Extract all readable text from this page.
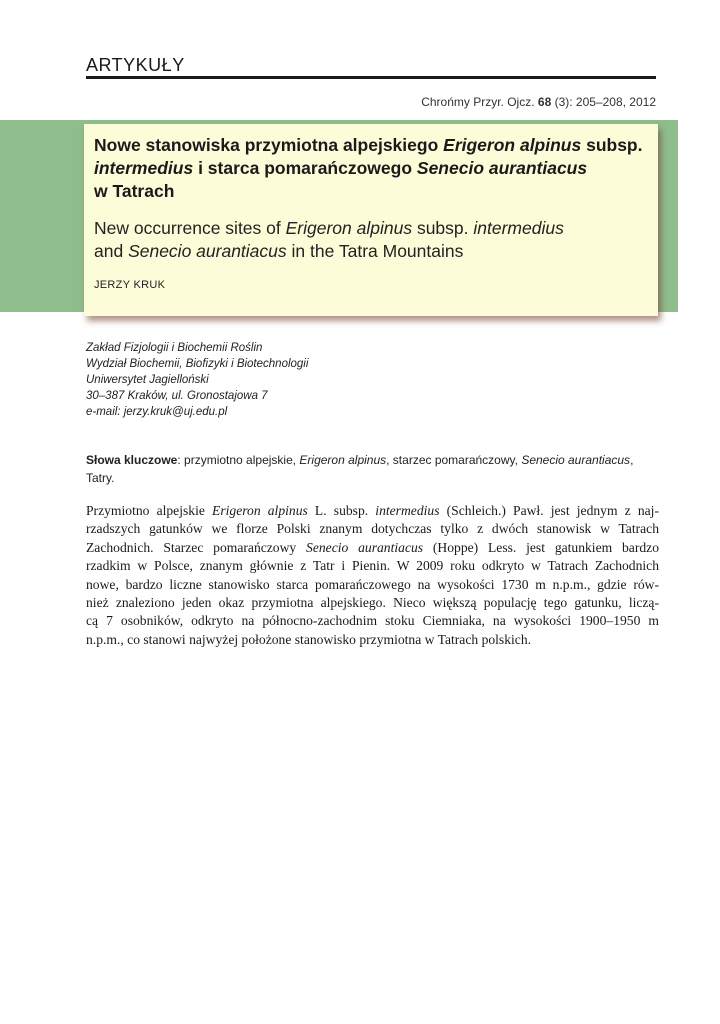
ARTYKUŁY
Chrońmy Przyr. Ojcz. 68 (3): 205–208, 2012

Nowe stanowiska przymiotna alpejskiego Erigeron alpinus subsp.
intermedius i starca pomarańczowego Senecio aurantiacus
w Tatrach

New occurrence sites of Erigeron alpinus subsp. intermedius
and Senecio aurantiacus in the Tatra Mountains

JERZY KRUK
Zakład Fizjologii i Biochemii Roślin
Wydział Biochemii, Biofizyki i Biotechnologii
Uniwersytet Jagielloński
30–387 Kraków, ul. Gronostajowa 7
e-mail: jerzy.kruk@uj.edu.pl
Słowa kluczowe: przymiotno alpejskie, Erigeron alpinus, starzec pomarańczowy, Senecio aurantiacus, Tatry.
Przymiotno alpejskie Erigeron alpinus L. subsp. intermedius (Schleich.) Pawł. jest jednym z naj-
rzadszych gatunków we florze Polski znanym dotychczas tylko z dwóch stanowisk w Tatrach
Zachodnich. Starzec pomarańczowy Senecio aurantiacus (Hoppe) Less. jest gatunkiem bardzo
rzadkim w Polsce, znanym głównie z Tatr i Pienin. W 2009 roku odkryto w Tatrach Zachodnich
nowe, bardzo liczne stanowisko starca pomarańczowego na wysokości 1730 m n.p.m., gdzie rów-
nież znaleziono jeden okaz przymiotna alpejskiego. Nieco większą populację tego gatunku, liczą-
cą 7 osobników, odkryto na północno-zachodnim stoku Ciemniaka, na wysokości 1900–1950 m
n.p.m., co stanowi najwyżej położone stanowisko przymiotna w Tatrach polskich.
